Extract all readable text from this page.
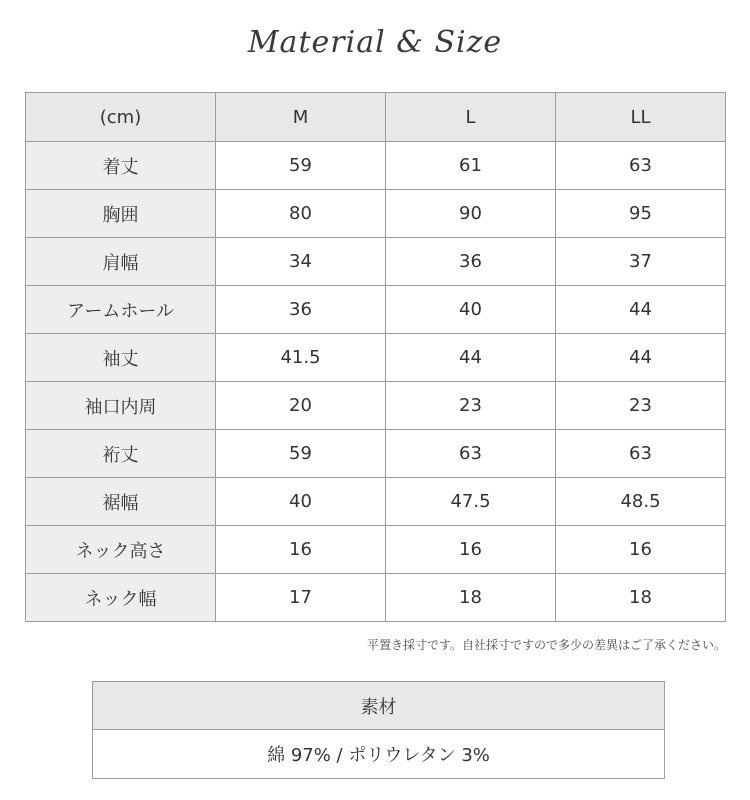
Material & Size
(cm)	M	L	LL
着丈	59	61	63
胸囲	80	90	95
肩幅	34	36	37
アームホール	36	40	44
袖丈	41.5	44	44
袖口内周	20	23	23
裄丈	59	63	63
裾幅	40	47.5	48.5
ネック高さ	16	16	16
ネック幅	17	18	18
平置き採寸です。自社採寸ですので多少の差異はご了承ください。
素材
綿 97% / ポリウレタン 3%
